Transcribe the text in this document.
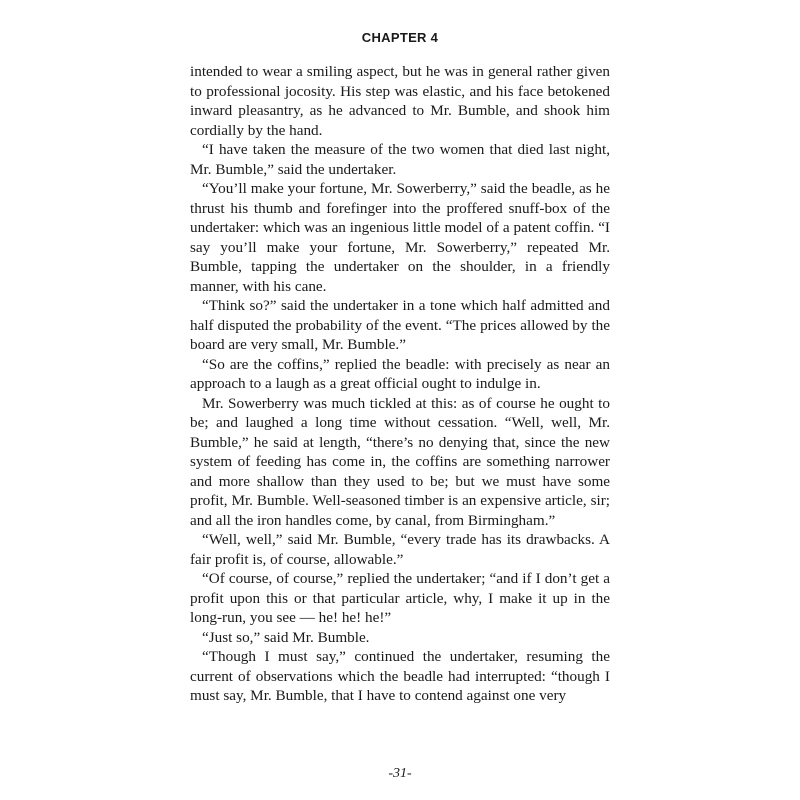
CHAPTER 4

intended to wear a smiling aspect, but he was in general rather given to professional jocosity. His step was elastic, and his face betokened inward pleasantry, as he advanced to Mr. Bumble, and shook him cordially by the hand.

“I have taken the measure of the two women that died last night, Mr. Bumble,” said the undertaker.

“You’ll make your fortune, Mr. Sowerberry,” said the beadle, as he thrust his thumb and forefinger into the proffered snuff-box of the undertaker: which was an ingenious little model of a patent coffin. “I say you’ll make your fortune, Mr. Sowerberry,” repeated Mr. Bumble, tapping the undertaker on the shoulder, in a friendly manner, with his cane.

“Think so?” said the undertaker in a tone which half admitted and half disputed the probability of the event. “The prices allowed by the board are very small, Mr. Bumble.”

“So are the coffins,” replied the beadle: with precisely as near an approach to a laugh as a great official ought to indulge in.

Mr. Sowerberry was much tickled at this: as of course he ought to be; and laughed a long time without cessation. “Well, well, Mr. Bumble,” he said at length, “there’s no denying that, since the new system of feeding has come in, the coffins are something narrower and more shallow than they used to be; but we must have some profit, Mr. Bumble. Well-seasoned timber is an expensive article, sir; and all the iron handles come, by canal, from Birmingham.”

“Well, well,” said Mr. Bumble, “every trade has its drawbacks. A fair profit is, of course, allowable.”

“Of course, of course,” replied the undertaker; “and if I don’t get a profit upon this or that particular article, why, I make it up in the long-run, you see — he! he! he!”

“Just so,” said Mr. Bumble.

“Though I must say,” continued the undertaker, resuming the current of observations which the beadle had interrupted: “though I must say, Mr. Bumble, that I have to contend against one very

-31-
